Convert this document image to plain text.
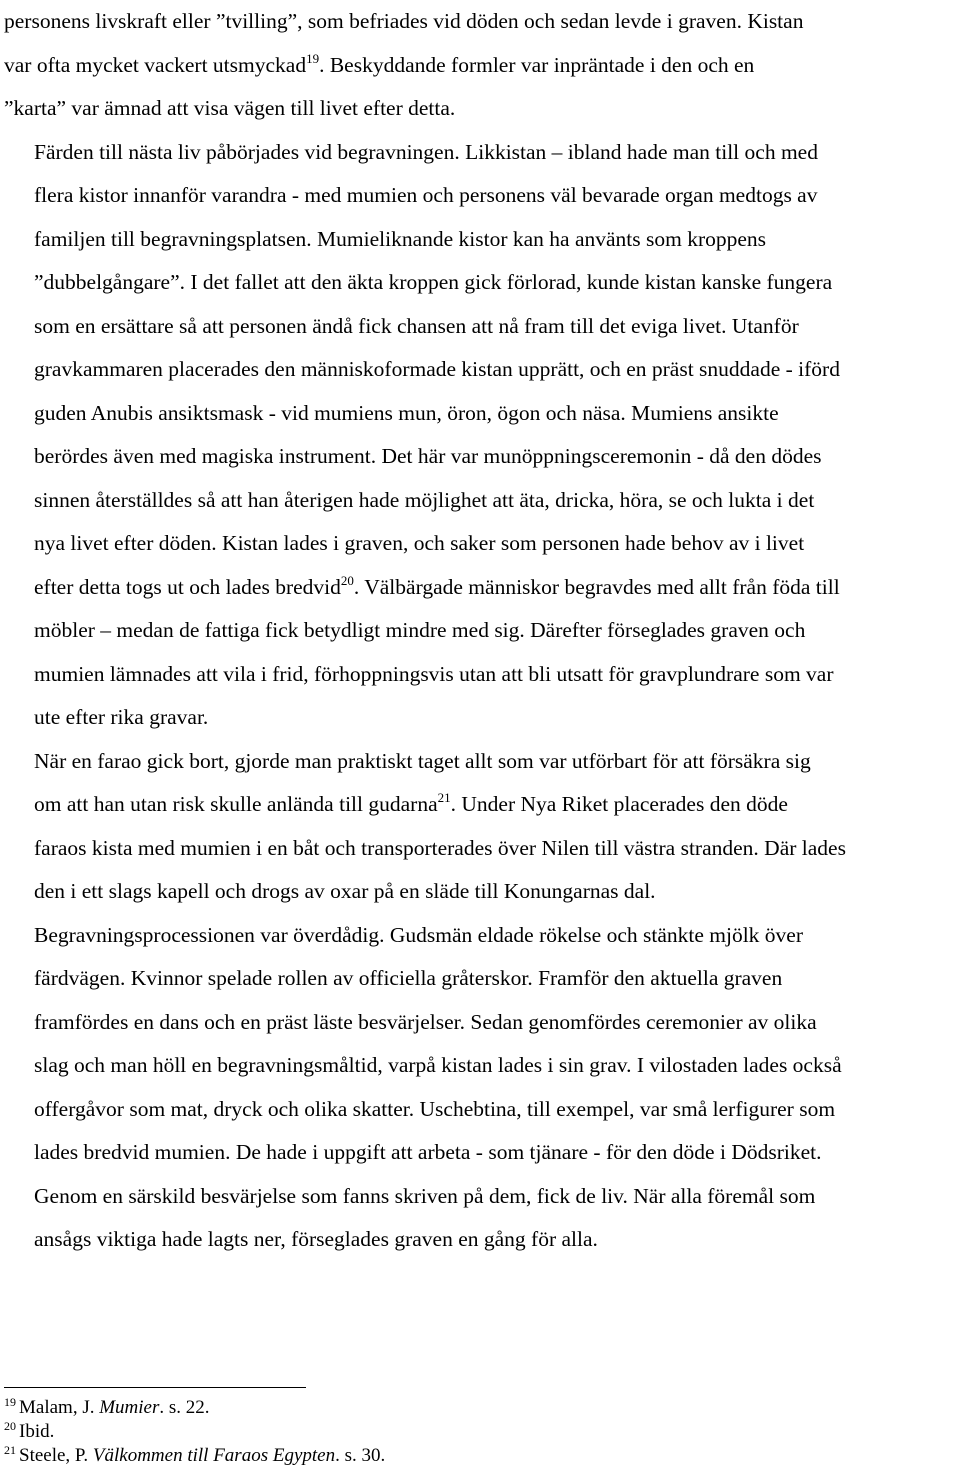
personens livskraft eller ”tvilling”, som befriades vid döden och sedan levde i graven. Kistan
var ofta mycket vackert utsmyckad$^{19}$. Beskyddande formler var inpräntade i den och en
”karta” var ämnad att visa vägen till livet efter detta.

Färden till nästa liv påbörjades vid begravningen. Likkistan – ibland hade man till och med
flera kistor innanför varandra - med mumien och personens väl bevarade organ medtogs av
familjen till begravningsplatsen. Mumieliknande kistor kan ha använts som kroppens
”dubbelgångare”. I det fallet att den äkta kroppen gick förlorad, kunde kistan kanske fungera
som en ersättare så att personen ändå fick chansen att nå fram till det eviga livet. Utanför
gravkammaren placerades den människoformade kistan upprätt, och en präst snuddade - iförd
guden Anubis ansiktsmask - vid mumiens mun, öron, ögon och näsa. Mumiens ansikte
berördes även med magiska instrument. Det här var munöppningsceremonin - då den dödes
sinnen återställdes så att han återigen hade möjlighet att äta, dricka, höra, se och lukta i det
nya livet efter döden. Kistan lades i graven, och saker som personen hade behov av i livet
efter detta togs ut och lades bredvid$^{20}$. Välbärgade människor begravdes med allt från föda till
möbler – medan de fattiga fick betydligt mindre med sig. Därefter förseglades graven och
mumien lämnades att vila i frid, förhoppningsvis utan att bli utsatt för gravplundrare som var
ute efter rika gravar.

När en farao gick bort, gjorde man praktiskt taget allt som var utförbart för att försäkra sig
om att han utan risk skulle anlända till gudarna$^{21}$. Under Nya Riket placerades den döde
faraos kista med mumien i en båt och transporterades över Nilen till västra stranden. Där lades
den i ett slags kapell och drogs av oxar på en släde till Konungarnas dal.
Begravningsprocessionen var överdådig. Gudsmän eldade rökelse och stänkte mjölk över
färdvägen. Kvinnor spelade rollen av officiella gråterskor. Framför den aktuella graven
framfördes en dans och en präst läste besvärjelser. Sedan genomfördes ceremonier av olika
slag och man höll en begravningsmåltid, varpå kistan lades i sin grav. I vilostaden lades också
offergåvor som mat, dryck och olika skatter. Uschebtina, till exempel, var små lerfigurer som
lades bredvid mumien. De hade i uppgift att arbeta - som tjänare - för den döde i Dödsriket.
Genom en särskild besvärjelse som fanns skriven på dem, fick de liv. När alla föremål som
ansågs viktiga hade lagts ner, förseglades graven en gång för alla.

$^{19}$ Malam, J. Mumier. s. 22.

$^{20}$ Ibid.

$^{21}$ Steele, P. Välkommen till Faraos Egypten. s. 30.
